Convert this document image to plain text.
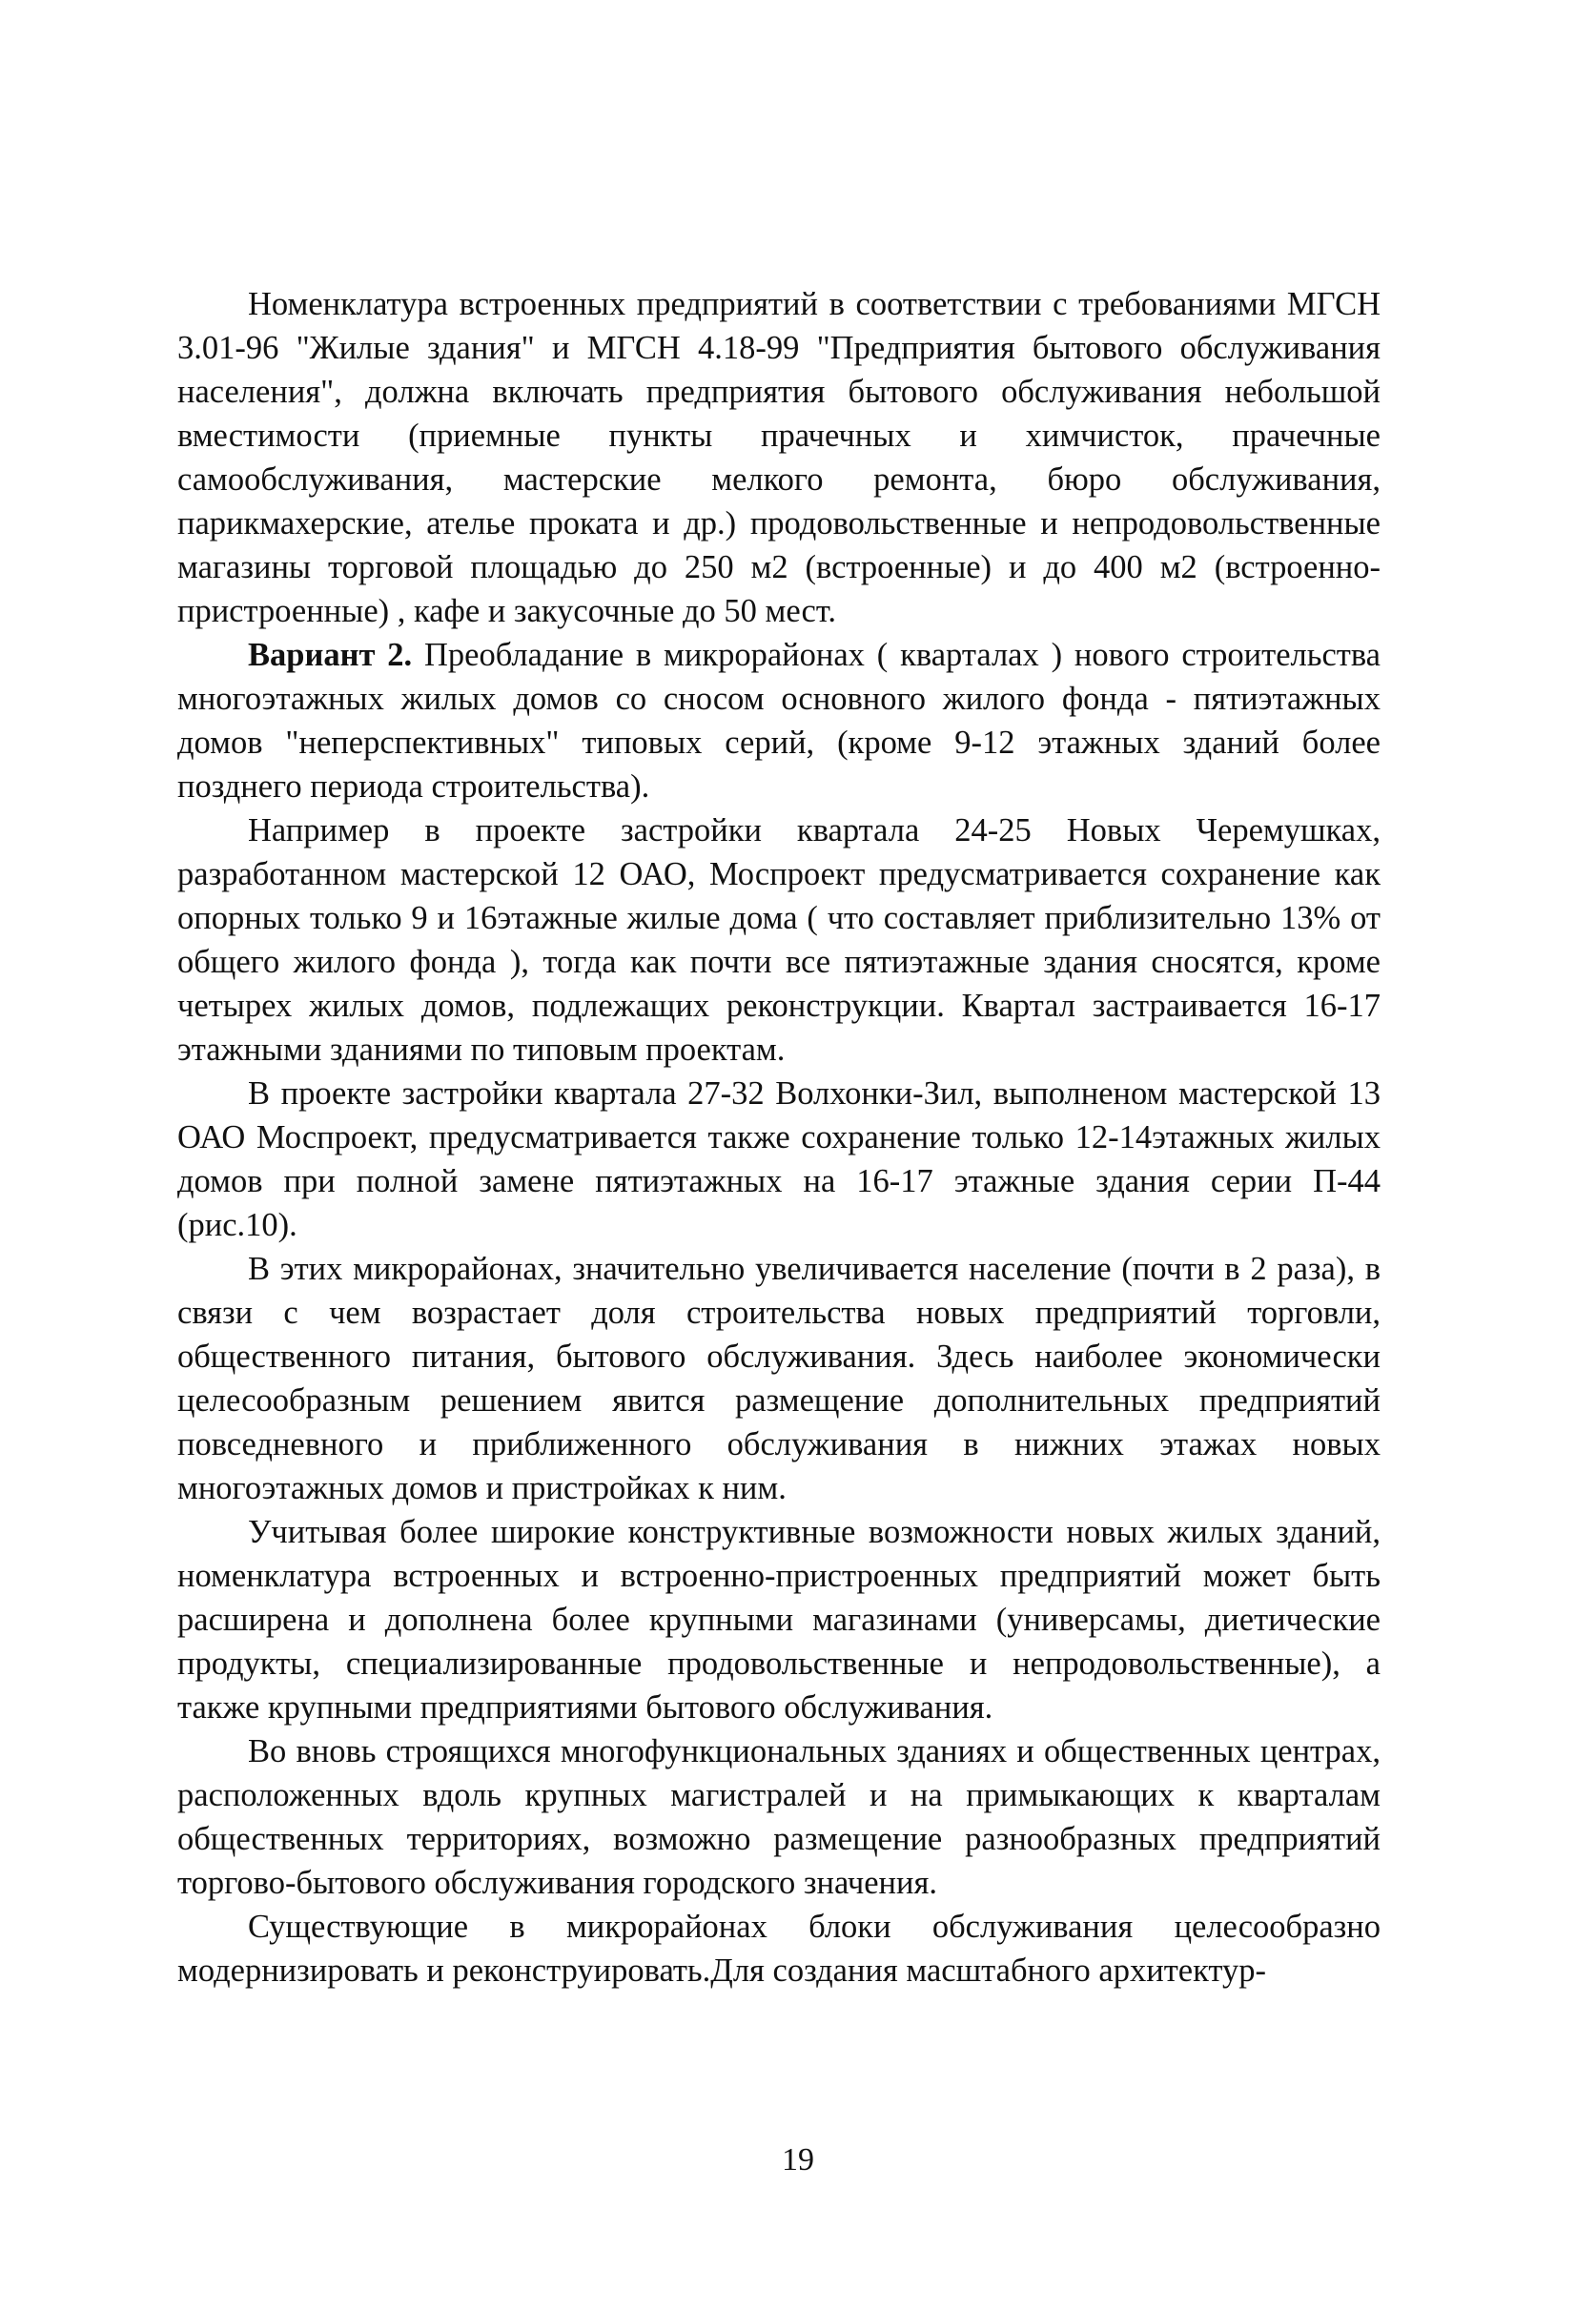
Номенклатура встроенных предприятий в соответствии с требованиями МГСН 3.01-96 "Жилые здания" и МГСН 4.18-99 "Предприятия бытового обслуживания населения", должна включать предприятия бытового обслуживания небольшой вместимости (приемные пункты прачечных и химчисток, прачечные самообслуживания, мастерские мелкого ремонта, бюро обслуживания, парикмахерские, ателье проката и др.) продовольственные и непродовольственные магазины торговой площадью до 250 м2 (встроенные) и до 400 м2 (встроенно-пристроенные) , кафе и закусочные до 50 мест.

Вариант 2. Преобладание в микрорайонах ( кварталах ) нового строительства многоэтажных жилых домов со сносом основного жилого фонда - пятиэтажных домов "неперспективных" типовых серий, (кроме 9-12 этажных зданий более позднего периода строительства).

Например в проекте застройки квартала 24-25 Новых Черемушках, разработанном мастерской 12 ОАО, Моспроект предусматривается сохранение как опорных только 9 и 16этажные жилые дома ( что составляет приблизительно 13% от общего жилого фонда ), тогда как почти все пятиэтажные здания сносятся, кроме четырех жилых домов, подлежащих реконструкции. Квартал застраивается 16-17 этажными зданиями по типовым проектам.

В проекте застройки квартала 27-32 Волхонки-Зил, выполненом мастерской 13 ОАО Моспроект, предусматривается также сохранение только 12-14этажных жилых домов при полной замене пятиэтажных на 16-17 этажные здания серии П-44 (рис.10).

В этих микрорайонах, значительно увеличивается население (почти в 2 раза), в связи с чем возрастает доля строительства новых предприятий торговли, общественного питания, бытового обслуживания. Здесь наиболее экономически целесообразным решением явится размещение дополнительных предприятий повседневного и приближенного обслуживания в нижних этажах новых многоэтажных домов и пристройках к ним.

Учитывая более широкие конструктивные возможности новых жилых зданий, номенклатура встроенных и встроенно-пристроенных предприятий может быть расширена и дополнена более крупными магазинами (универсамы, диетические продукты, специализированные продовольственные и непродовольственные), а также крупными предприятиями бытового обслуживания.

Во вновь строящихся многофункциональных зданиях и общественных центрах, расположенных вдоль крупных магистралей и на примыкающих к кварталам общественных территориях, возможно размещение разнообразных предприятий торгово-бытового обслуживания городского значения.

Существующие в микрорайонах блоки обслуживания целесообразно модернизировать и реконструировать.Для создания масштабного архитектур-

19
